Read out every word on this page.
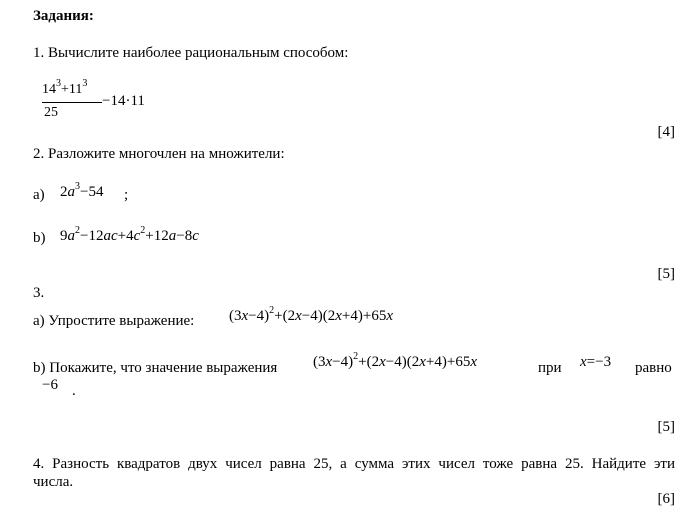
Задания:
1. Вычислите наиболее рациональным способом:
$14^3+11^3$
25
−14·11
[4]
2. Разложите многочлен на множители:
a) $2a^3-54$ ;
b) $9a^2-12ac+4c^2+12a-8c$
[5]
3.
a) Упростите выражение: $(3x-4)^2+(2x-4)(2x+4)+65x$
b) Покажите, что значение выражения $(3x-4)^2+(2x-4)(2x+4)+65x$	при x=−3 равно
−6 .
[5]
4. Разность квадратов двух чисел равна 25, а сумма этих чисел тоже равна 25. Найдите эти
числа.
[6]
